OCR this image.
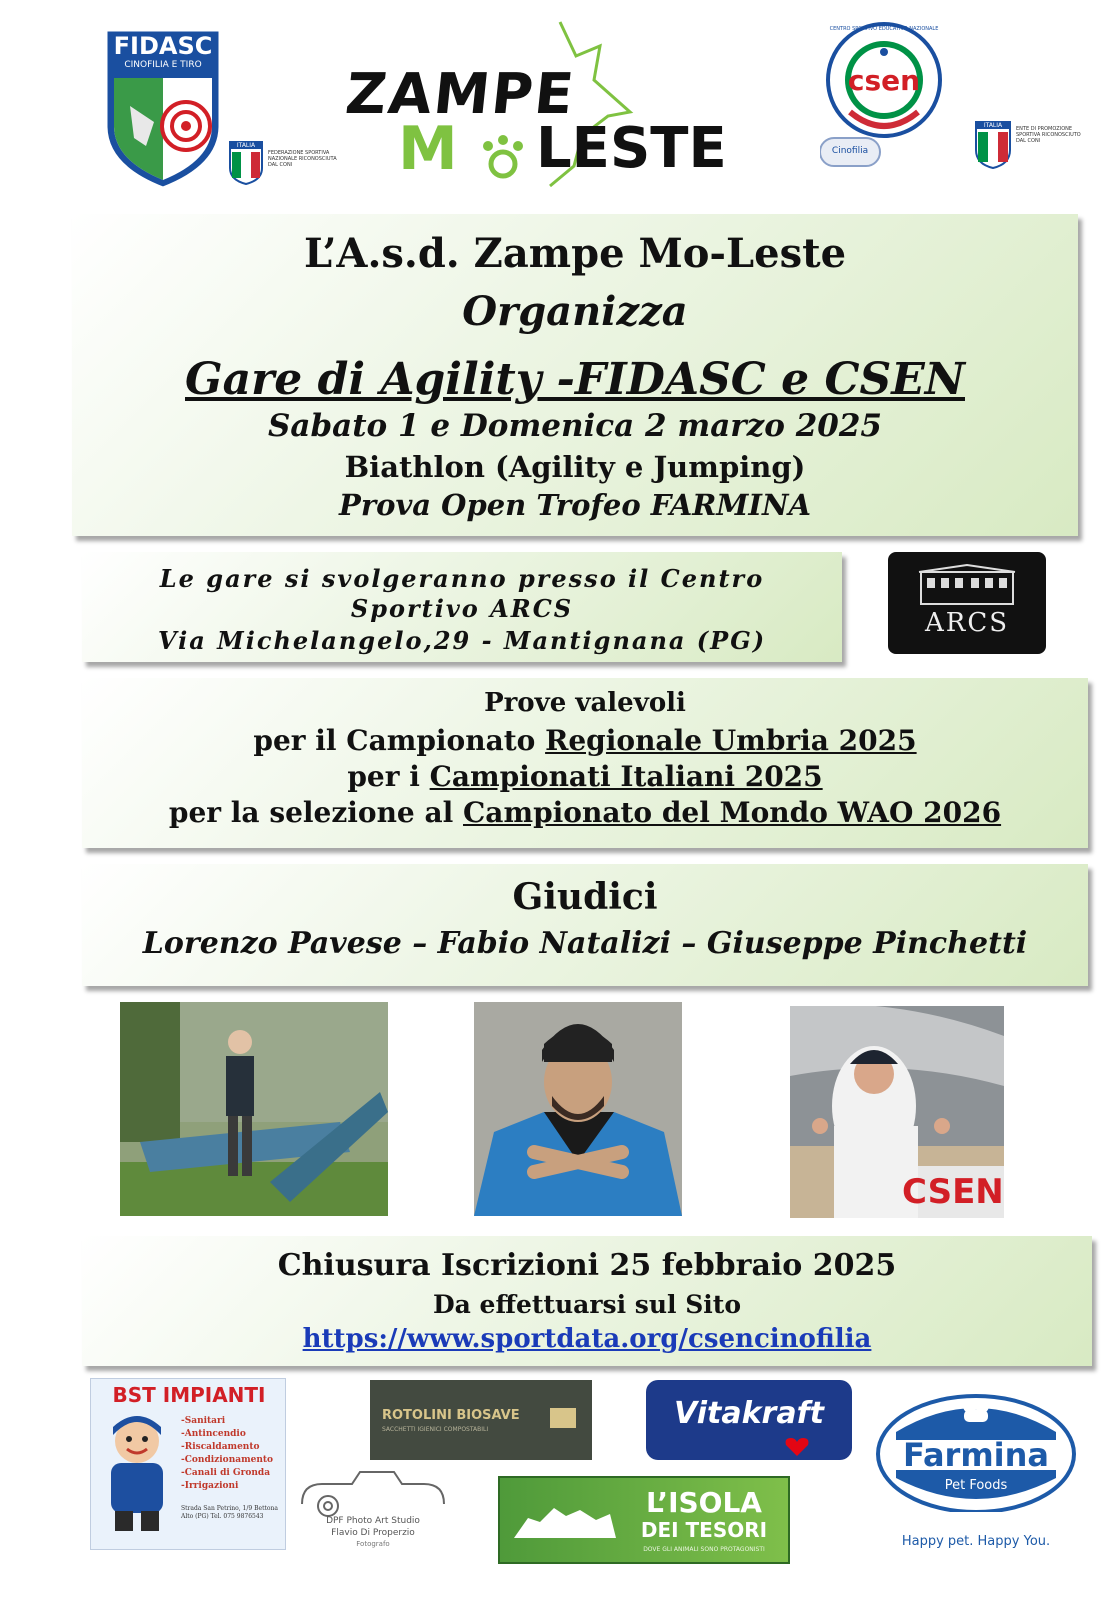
FIDASC
CINOFILIA E TIRO
ITALIA
FEDERAZIONE SPORTIVA NAZIONALE RICONOSCIUTA DAL CONI
ZAMPE
M LESTE
csen
CENTRO SPORTIVO EDUCATIVO NAZIONALE
Cinofilia
ITALIA	ENTE DI PROMOZIONE SPORTIVA RICONOSCIUTO DAL CONI
L’A.s.d. Zampe Mo-Leste
Organizza
Gare di Agility -FIDASC e CSEN
Sabato 1 e Domenica 2 marzo 2025
Biathlon (Agility e Jumping)
Prova Open Trofeo FARMINA
Le gare si svolgeranno presso il Centro
Sportivo ARCS
Via Michelangelo,29 - Mantignana (PG)
ARCS
Prove valevoli
per il Campionato Regionale Umbria 2025
per i Campionati Italiani 2025
per la selezione al Campionato del Mondo WAO 2026
Giudici
Lorenzo Pavese – Fabio Natalizi – Giuseppe Pinchetti
CSEN
Chiusura Iscrizioni 25 febbraio 2025
Da effettuarsi sul Sito
https://www.sportdata.org/csencinofilia
BST IMPIANTI
-Sanitari
-Antincendio
-Riscaldamento
-Condizionamento
-Canali di Gronda
-Irrigazioni
Strada San Petrino, 1/9 Bettona Alto (PG) Tel. 075 9876543
ROTOLINI BIOSAVE
SACCHETTI IGIENICI COMPOSTABILI
DPF Photo Art Studio
Flavio Di Properzio
Fotografo
Vitakraft
L’ISOLA
DEI TESORI
DOVE GLI ANIMALI SONO PROTAGONISTI
Farmina
Pet Foods
Happy pet. Happy You.
